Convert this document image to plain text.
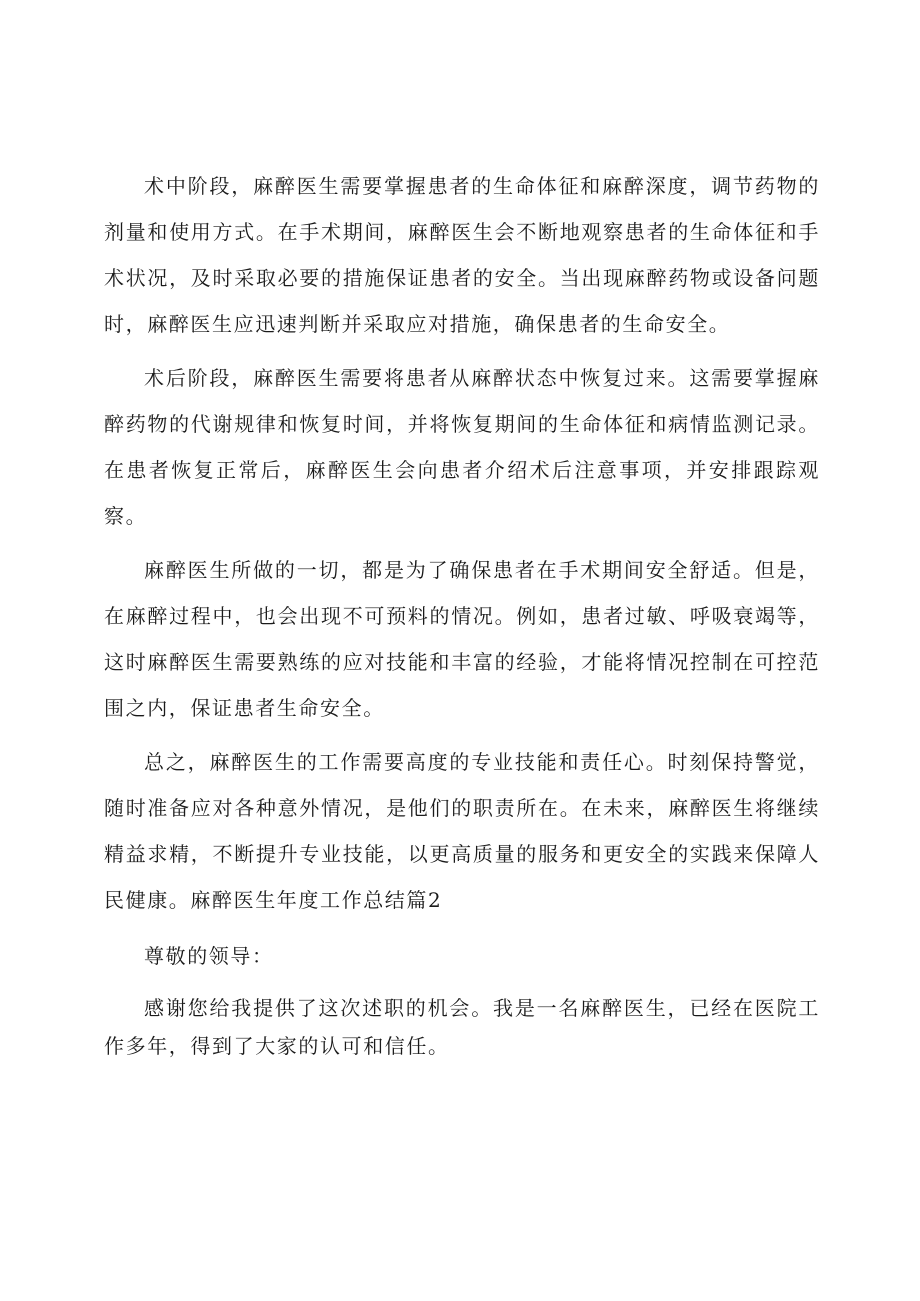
术中阶段，麻醉医生需要掌握患者的生命体征和麻醉深度，调节药物的剂量和使用方式。在手术期间，麻醉医生会不断地观察患者的生命体征和手术状况，及时采取必要的措施保证患者的安全。当出现麻醉药物或设备问题时，麻醉医生应迅速判断并采取应对措施，确保患者的生命安全。

术后阶段，麻醉医生需要将患者从麻醉状态中恢复过来。这需要掌握麻醉药物的代谢规律和恢复时间，并将恢复期间的生命体征和病情监测记录。在患者恢复正常后，麻醉医生会向患者介绍术后注意事项，并安排跟踪观察。

麻醉医生所做的一切，都是为了确保患者在手术期间安全舒适。但是，在麻醉过程中，也会出现不可预料的情况。例如，患者过敏、呼吸衰竭等，这时麻醉医生需要熟练的应对技能和丰富的经验，才能将情况控制在可控范围之内，保证患者生命安全。

总之，麻醉医生的工作需要高度的专业技能和责任心。时刻保持警觉，随时准备应对各种意外情况，是他们的职责所在。在未来，麻醉医生将继续精益求精，不断提升专业技能，以更高质量的服务和更安全的实践来保障人民健康。麻醉医生年度工作总结篇2

尊敬的领导：

感谢您给我提供了这次述职的机会。我是一名麻醉医生，已经在医院工作多年，得到了大家的认可和信任。
